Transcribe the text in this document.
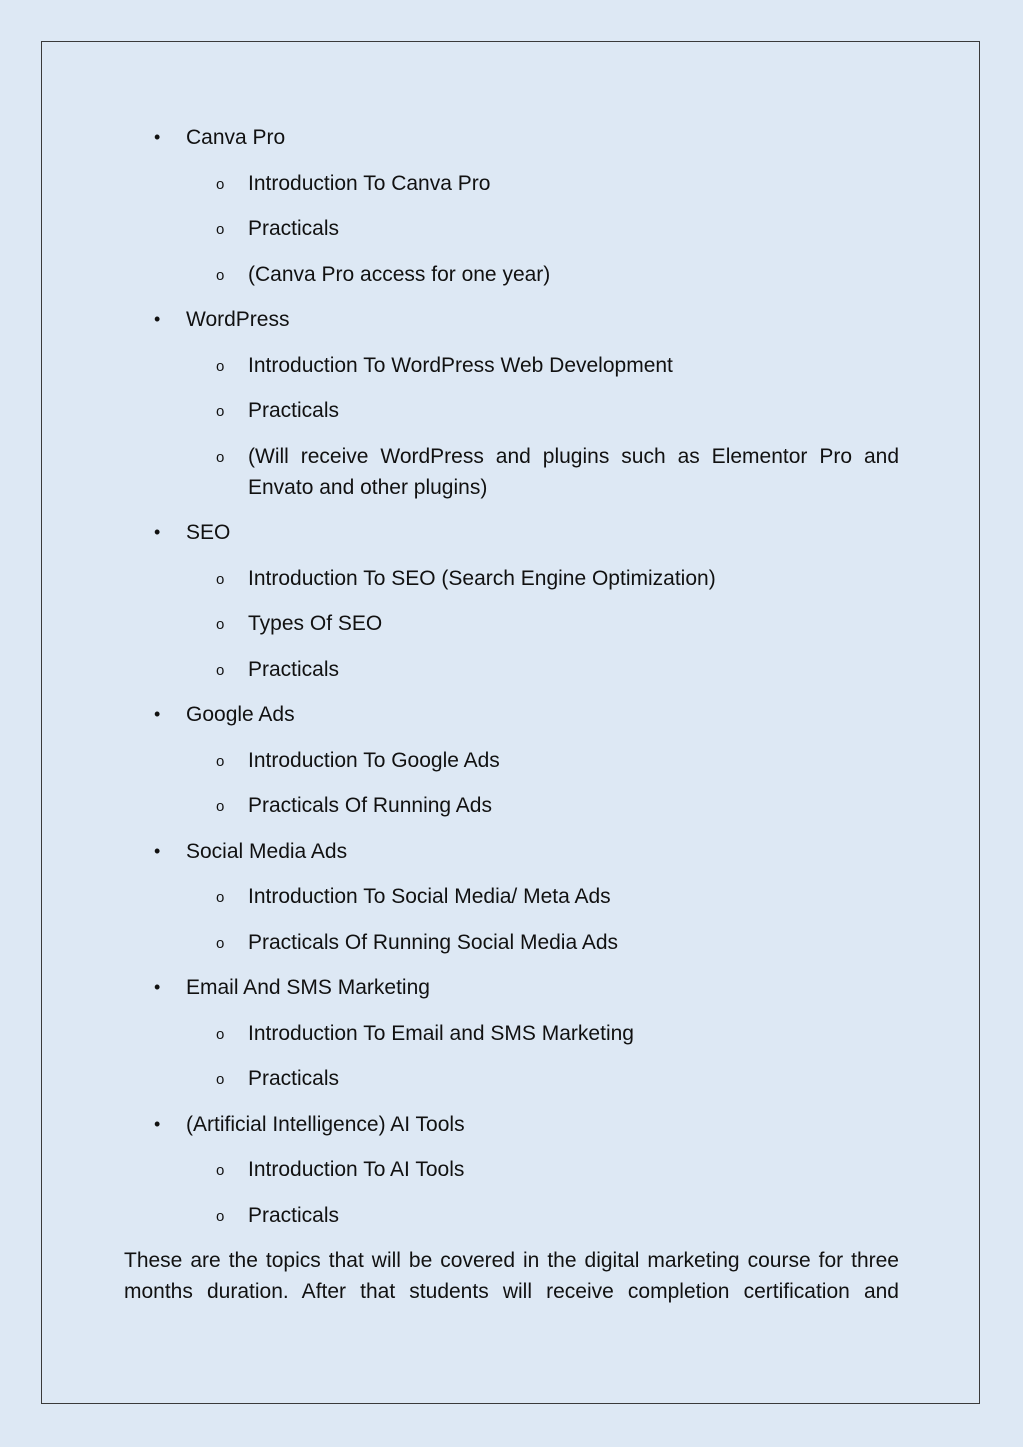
• Canva Pro
o Introduction To Canva Pro
o Practicals
o (Canva Pro access for one year)
• WordPress
o Introduction To WordPress Web Development
o Practicals
o (Will receive WordPress and plugins such as Elementor Pro and Envato and other plugins)
• SEO
o Introduction To SEO (Search Engine Optimization)
o Types Of SEO
o Practicals
• Google Ads
o Introduction To Google Ads
o Practicals Of Running Ads
• Social Media Ads
o Introduction To Social Media/ Meta Ads
o Practicals Of Running Social Media Ads
• Email And SMS Marketing
o Introduction To Email and SMS Marketing
o Practicals
• (Artificial Intelligence) AI Tools
o Introduction To AI Tools
o Practicals
These are the topics that will be covered in the digital marketing course for three months duration. After that students will receive completion certification and
